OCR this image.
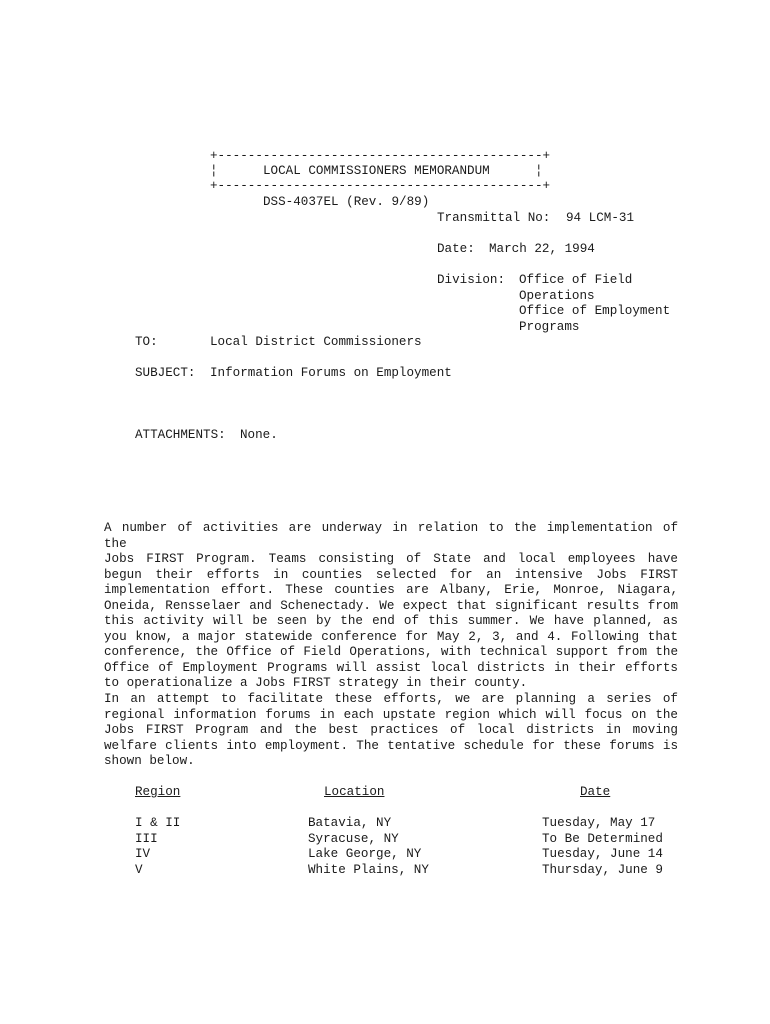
+-------------------------------------------+
¦	LOCAL COMMISSIONERS MEMORANDUM	¦
+-------------------------------------------+
DSS-4037EL (Rev. 9/89)
Transmittal No: 94 LCM-31
Date: March 22, 1994
Division: Office of Field
Operations
Office of Employment
Programs
TO:	Local District Commissioners
SUBJECT: Information Forums on Employment
ATTACHMENTS: None.
A number of activities are underway in relation to the implementation of the
Jobs FIRST Program. Teams consisting of State and local employees have
begun their efforts in counties selected for an intensive Jobs FIRST
implementation effort. These counties are Albany, Erie, Monroe, Niagara,
Oneida, Rensselaer and Schenectady. We expect that significant results from
this activity will be seen by the end of this summer. We have planned, as
you know, a major statewide conference for May 2, 3, and 4. Following that
conference, the Office of Field Operations, with technical support from the
Office of Employment Programs will assist local districts in their efforts
to operationalize a Jobs FIRST strategy in their county.
In an attempt to facilitate these efforts, we are planning a series of
regional information forums in each upstate region which will focus on the
Jobs FIRST Program and the best practices of local districts in moving
welfare clients into employment. The tentative schedule for these forums is
shown below.
Region	Location	Date
I & II	Batavia, NY	Tuesday, May 17
III	Syracuse, NY	To Be Determined
IV	Lake George, NY	Tuesday, June 14
V	White Plains, NY	Thursday, June 9
